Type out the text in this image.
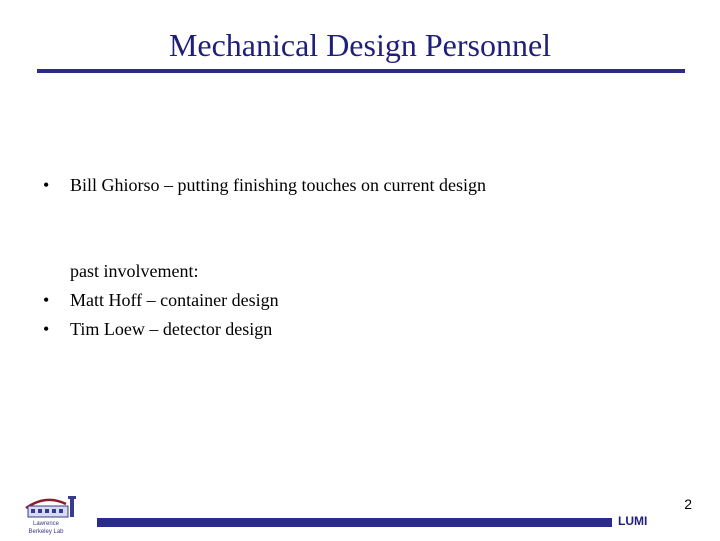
Mechanical Design Personnel
• Bill Ghiorso – putting finishing touches on current design
past involvement:
• Matt Hoff – container design
• Tim Loew – detector design
Lawrence
Berkeley Lab
2
LUMI
